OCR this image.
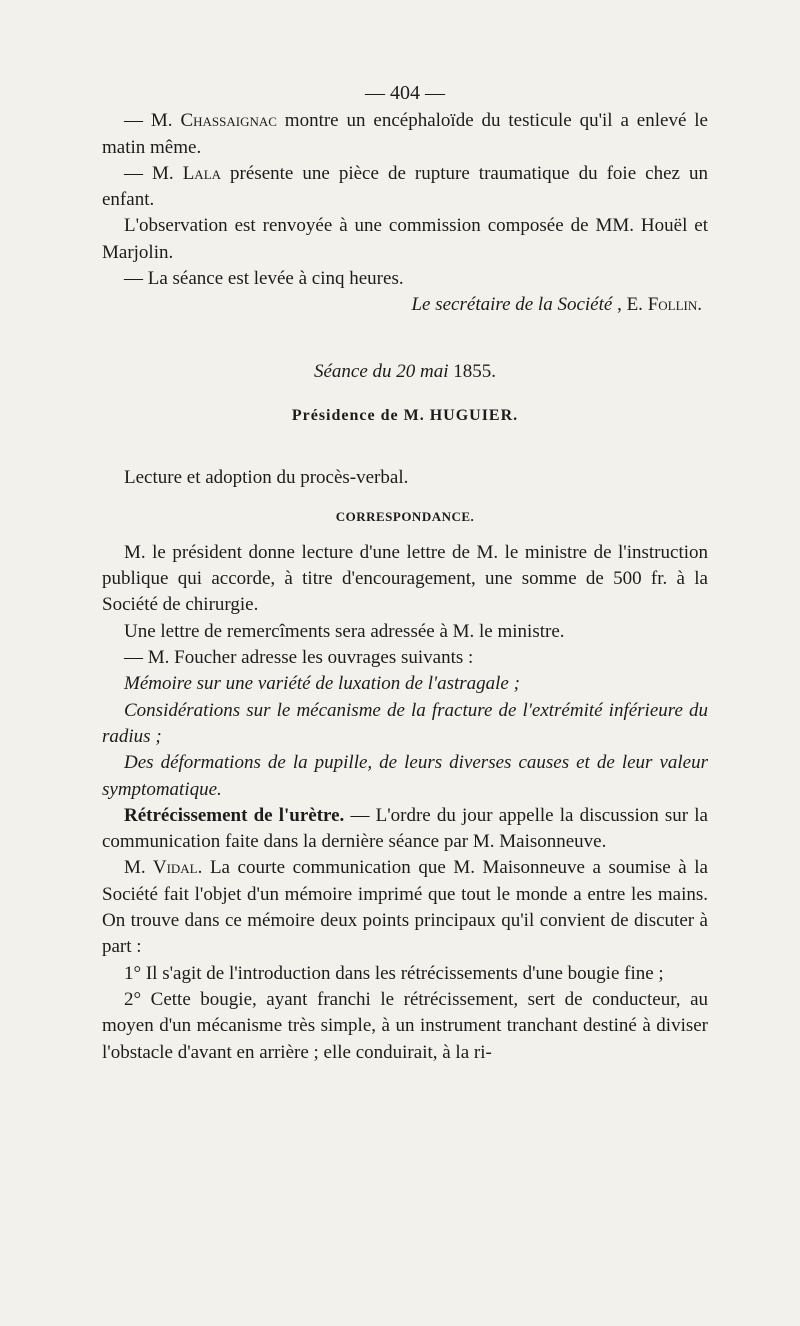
— 404 —

— M. Chassaignac montre un encéphaloïde du testicule qu'il a enlevé le matin même.

— M. Lala présente une pièce de rupture traumatique du foie chez un enfant.

L'observation est renvoyée à une commission composée de MM. Houël et Marjolin.

— La séance est levée à cinq heures.

Le secrétaire de la Société , E. Follin.

Séance du 20 mai 1855.
Présidence de M. HUGUIER.

Lecture et adoption du procès-verbal.

CORRESPONDANCE.

M. le président donne lecture d'une lettre de M. le ministre de l'instruction publique qui accorde, à titre d'encouragement, une somme de 500 fr. à la Société de chirurgie.

Une lettre de remercîments sera adressée à M. le ministre.

— M. Foucher adresse les ouvrages suivants :

Mémoire sur une variété de luxation de l'astragale ;

Considérations sur le mécanisme de la fracture de l'extrémité inférieure du radius ;

Des déformations de la pupille, de leurs diverses causes et de leur valeur symptomatique.

Rétrécissement de l'urètre. — L'ordre du jour appelle la discussion sur la communication faite dans la dernière séance par M. Maisonneuve.

M. Vidal. La courte communication que M. Maisonneuve a soumise à la Société fait l'objet d'un mémoire imprimé que tout le monde a entre les mains. On trouve dans ce mémoire deux points principaux qu'il convient de discuter à part :

1° Il s'agit de l'introduction dans les rétrécissements d'une bougie fine ;

2° Cette bougie, ayant franchi le rétrécissement, sert de conducteur, au moyen d'un mécanisme très simple, à un instrument tranchant destiné à diviser l'obstacle d'avant en arrière ; elle conduirait, à la ri-
